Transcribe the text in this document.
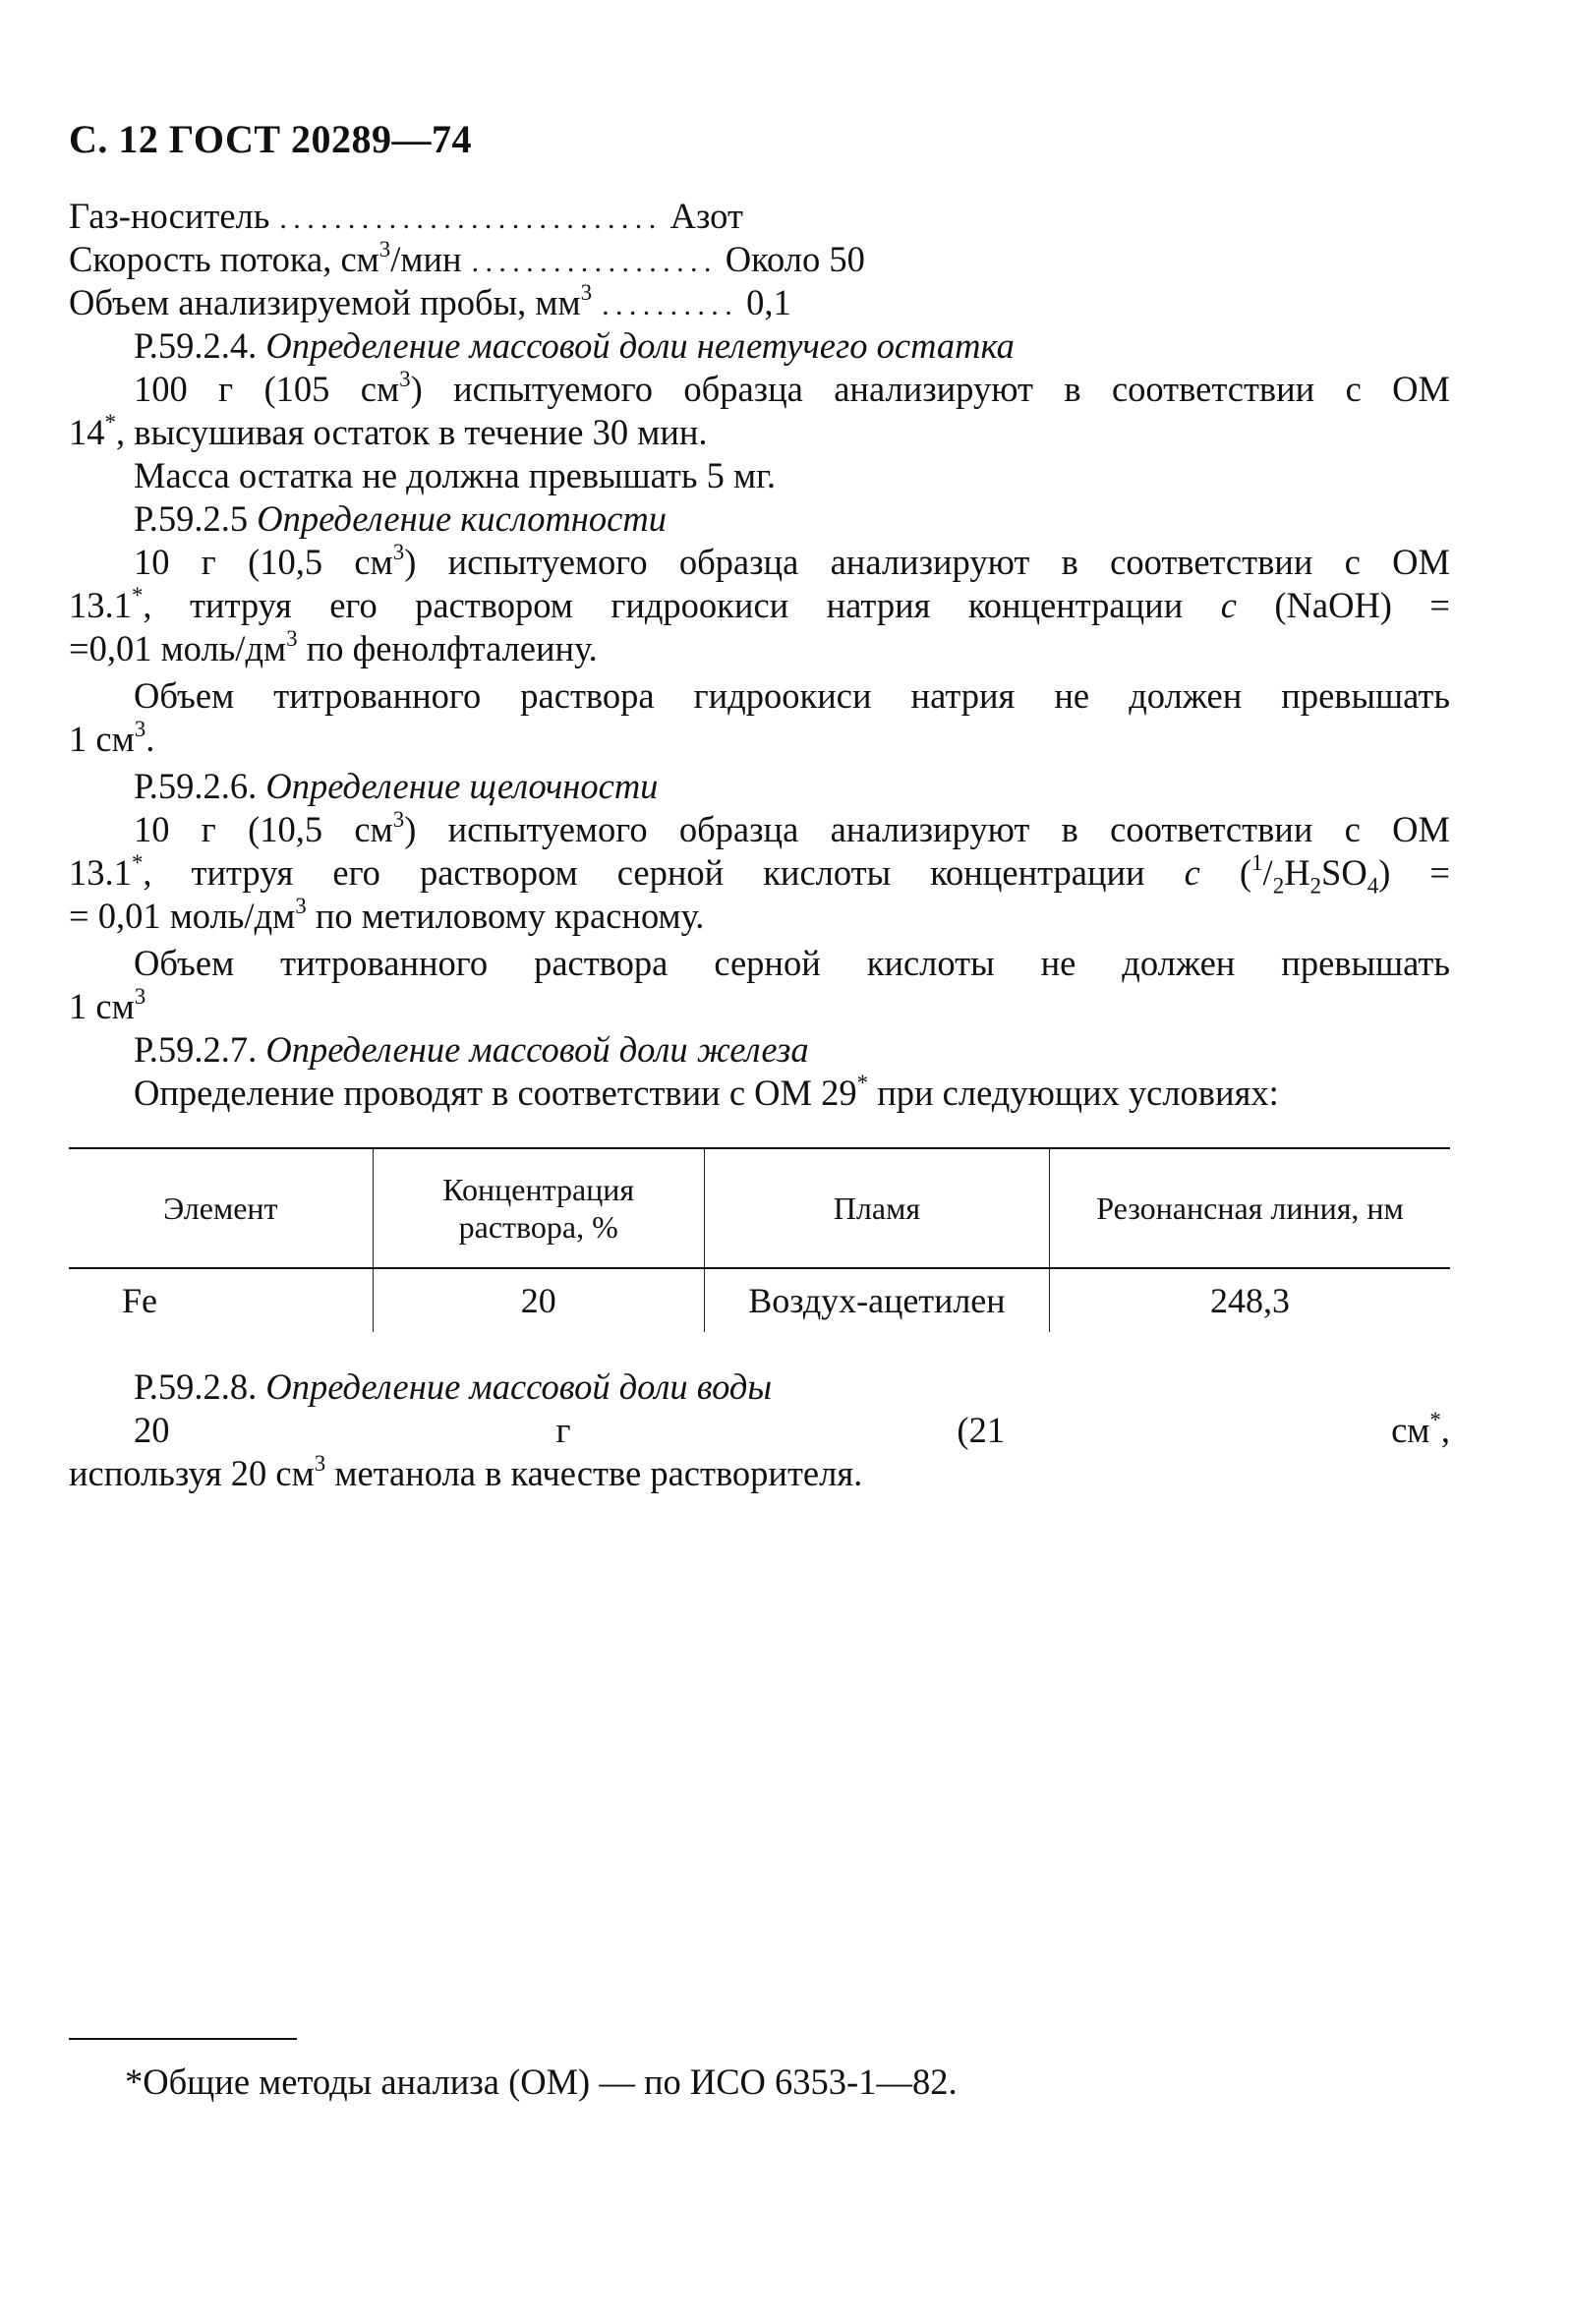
С. 12 ГОСТ 20289—74
Газ-носитель ............................ Азот
Скорость потока, $см^3$/мин .................. Около 50
Объем анализируемой пробы, $мм^3$ .......... 0,1
Р.59.2.4. Определение массовой доли нелетучего остатка
100 г (105 $см^3$) испытуемого образца анализируют в соответствии с ОМ
14*, высушивая остаток в течение 30 мин.
Масса остатка не должна превышать 5 мг.
Р.59.2.5 Определение кислотности
10 г (10,5 $см^3$) испытуемого образца анализируют в соответствии с ОМ
13.1*, титруя его раствором гидроокиси натрия концентрации c (NaOH) =
=0,01 моль/$дм^3$ по фенолфталеину.
Объем титрованного раствора гидроокиси натрия не должен превышать
1 $см^3$.
Р.59.2.6. Определение щелочности
10 г (10,5 $см^3$) испытуемого образца анализируют в соответствии с ОМ
13.1*, титруя его раствором серной кислоты концентрации c $(^1/_2H_2SO_4)$ =
= 0,01 моль/$дм^3$ по метиловому красному.
Объем титрованного раствора серной кислоты не должен превышать
1 $см^3$
Р.59.2.7. Определение массовой доли железа
Определение проводят в соответствии с ОМ 29* при следующих условиях:
Элемент	Концентрация раствора, %	Пламя	Резонансная линия, нм
Fe	20	Воздух-ацетилен	248,3
Р.59.2.8. Определение массовой доли воды
20 г (21 см*,
используя 20 $см^3$ метанола в качестве растворителя.
*Общие методы анализа (ОМ) — по ИСО 6353-1—82.
